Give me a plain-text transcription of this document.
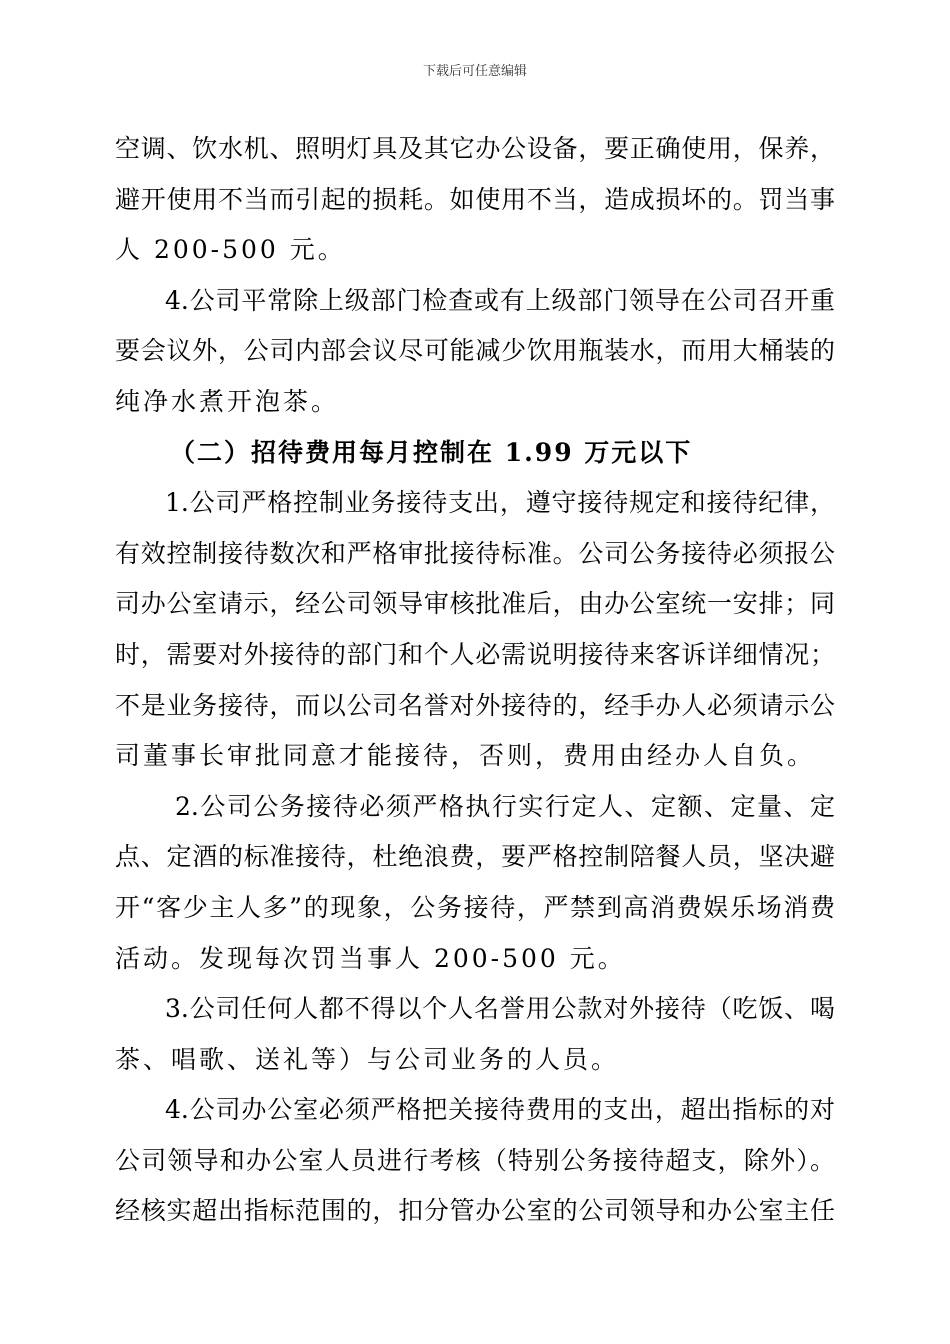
下载后可任意编辑
空调、饮水机、照明灯具及其它办公设备，要正确使用，保养，
避开使用不当而引起的损耗。如使用不当，造成损坏的。罚当事
人 200-500 元。
4.公司平常除上级部门检查或有上级部门领导在公司召开重
要会议外，公司内部会议尽可能减少饮用瓶装水，而用大桶装的
纯净水煮开泡茶。
（二）招待费用每月控制在 1.99 万元以下
1.公司严格控制业务接待支出，遵守接待规定和接待纪律，
有效控制接待数次和严格审批接待标准。公司公务接待必须报公
司办公室请示，经公司领导审核批准后，由办公室统一安排；同
时，需要对外接待的部门和个人必需说明接待来客诉详细情况；
不是业务接待，而以公司名誉对外接待的，经手办人必须请示公
司董事长审批同意才能接待，否则，费用由经办人自负。
2.公司公务接待必须严格执行实行定人、定额、定量、定
点、定酒的标准接待，杜绝浪费，要严格控制陪餐人员，坚决避
开“客少主人多”的现象，公务接待，严禁到高消费娱乐场消费
活动。发现每次罚当事人 200-500 元。
3.公司任何人都不得以个人名誉用公款对外接待（吃饭、喝
茶、唱歌、送礼等）与公司业务的人员。
4.公司办公室必须严格把关接待费用的支出，超出指标的对
公司领导和办公室人员进行考核（特别公务接待超支，除外）。
经核实超出指标范围的，扣分管办公室的公司领导和办公室主任
